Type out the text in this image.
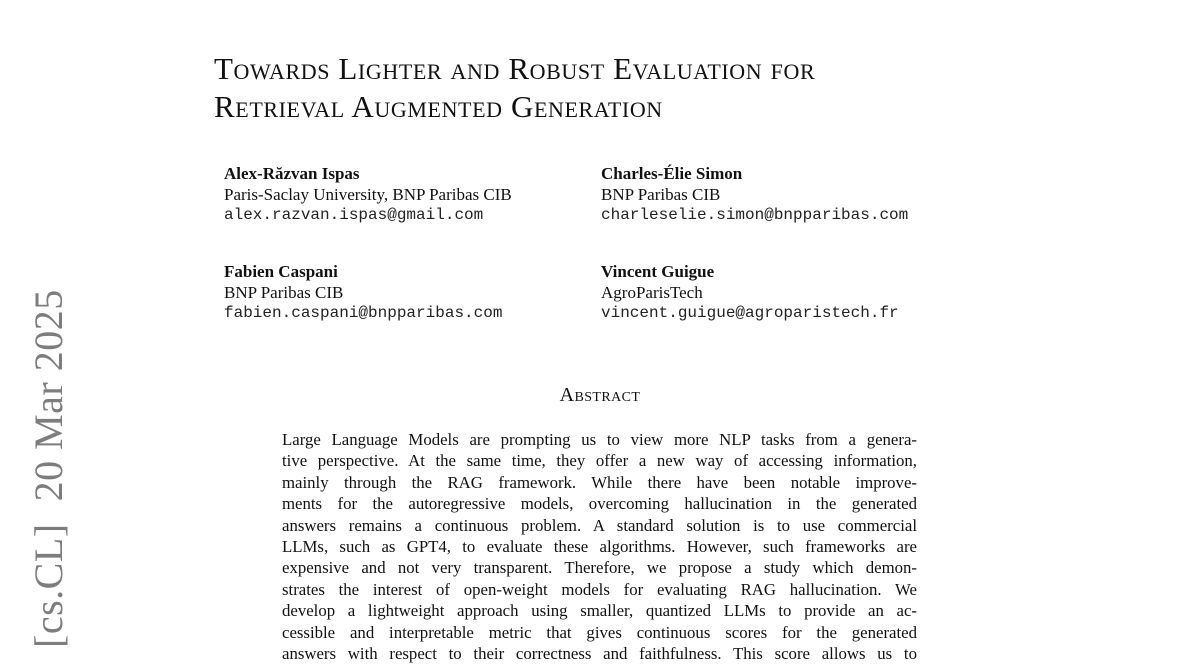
Towards Lighter and Robust Evaluation for
Retrieval Augmented Generation
Alex-Răzvan Ispas
Paris-Saclay University, BNP Paribas CIB
alex.razvan.ispas@gmail.com
Charles-Élie Simon
BNP Paribas CIB
charleselie.simon@bnpparibas.com
Fabien Caspani
BNP Paribas CIB
fabien.caspani@bnpparibas.com
Vincent Guigue
AgroParisTech
vincent.guigue@agroparistech.fr
Abstract
Large Language Models are prompting us to view more NLP tasks from a genera-
tive perspective. At the same time, they offer a new way of accessing information,
mainly through the RAG framework. While there have been notable improve-
ments for the autoregressive models, overcoming hallucination in the generated
answers remains a continuous problem. A standard solution is to use commercial
LLMs, such as GPT4, to evaluate these algorithms. However, such frameworks are
expensive and not very transparent. Therefore, we propose a study which demon-
strates the interest of open-weight models for evaluating RAG hallucination. We
develop a lightweight approach using smaller, quantized LLMs to provide an ac-
cessible and interpretable metric that gives continuous scores for the generated
answers with respect to their correctness and faithfulness. This score allows us to
[cs.CL]20 Mar 2025
